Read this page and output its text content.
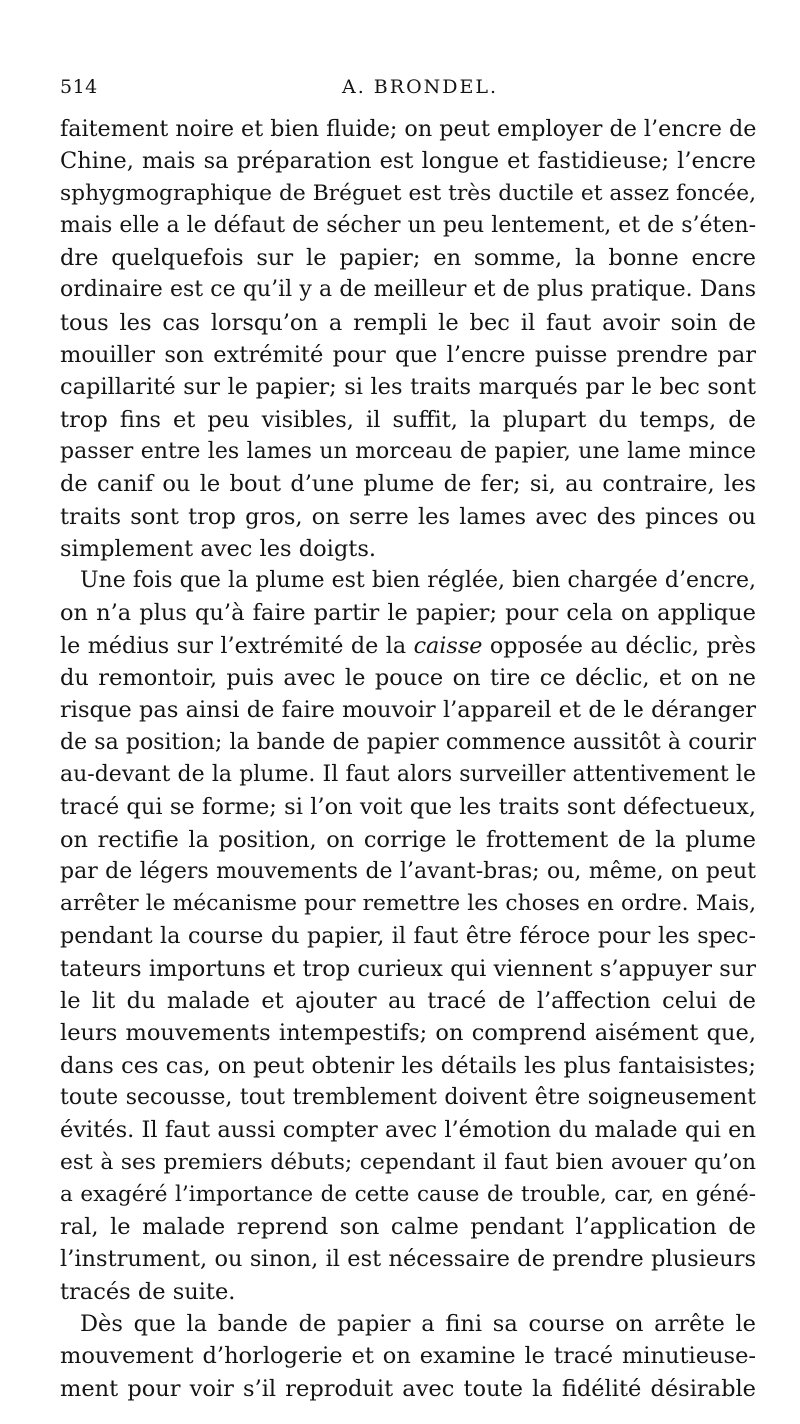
514	A. BRONDEL.
faitement noire et bien fluide; on peut employer de l’encre de
Chine, mais sa préparation est longue et fastidieuse; l’encre
sphygmographique de Bréguet est très ductile et assez foncée,
mais elle a le défaut de sécher un peu lentement, et de s’éten-
dre quelquefois sur le papier; en somme, la bonne encre
ordinaire est ce qu’il y a de meilleur et de plus pratique. Dans
tous les cas lorsqu’on a rempli le bec il faut avoir soin de
mouiller son extrémité pour que l’encre puisse prendre par
capillarité sur le papier; si les traits marqués par le bec sont
trop fins et peu visibles, il suffit, la plupart du temps, de
passer entre les lames un morceau de papier, une lame mince
de canif ou le bout d’une plume de fer; si, au contraire, les
traits sont trop gros, on serre les lames avec des pinces ou
simplement avec les doigts.
Une fois que la plume est bien réglée, bien chargée d’encre,
on n’a plus qu’à faire partir le papier; pour cela on applique
le médius sur l’extrémité de la caisse opposée au déclic, près
du remontoir, puis avec le pouce on tire ce déclic, et on ne
risque pas ainsi de faire mouvoir l’appareil et de le déranger
de sa position; la bande de papier commence aussitôt à courir
au-devant de la plume. Il faut alors surveiller attentivement le
tracé qui se forme; si l’on voit que les traits sont défectueux,
on rectifie la position, on corrige le frottement de la plume
par de légers mouvements de l’avant-bras; ou, même, on peut
arrêter le mécanisme pour remettre les choses en ordre. Mais,
pendant la course du papier, il faut être féroce pour les spec-
tateurs importuns et trop curieux qui viennent s’appuyer sur
le lit du malade et ajouter au tracé de l’affection celui de
leurs mouvements intempestifs; on comprend aisément que,
dans ces cas, on peut obtenir les détails les plus fantaisistes;
toute secousse, tout tremblement doivent être soigneusement
évités. Il faut aussi compter avec l’émotion du malade qui en
est à ses premiers débuts; cependant il faut bien avouer qu’on
a exagéré l’importance de cette cause de trouble, car, en géné-
ral, le malade reprend son calme pendant l’application de
l’instrument, ou sinon, il est nécessaire de prendre plusieurs
tracés de suite.
Dès que la bande de papier a fini sa course on arrête le
mouvement d’horlogerie et on examine le tracé minutieuse-
ment pour voir s’il reproduit avec toute la fidélité désirable
